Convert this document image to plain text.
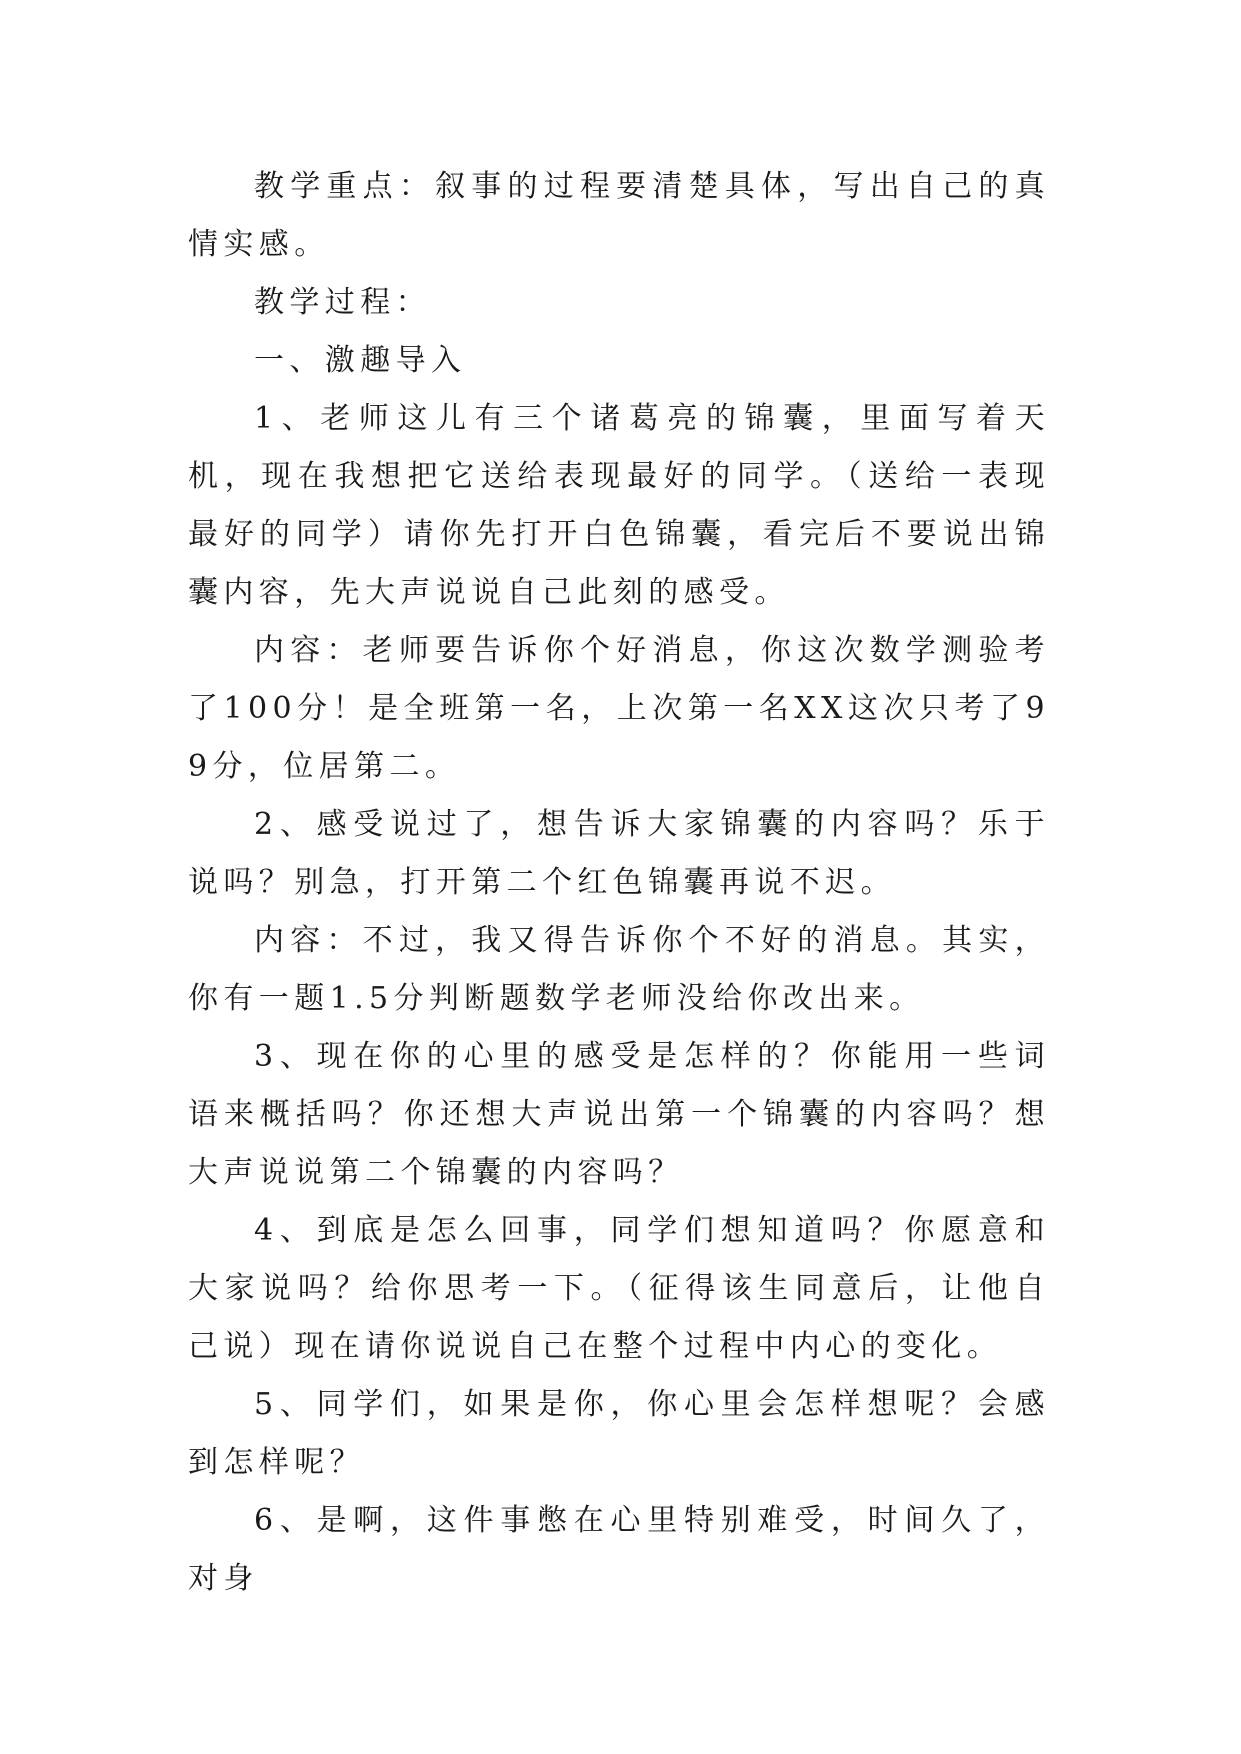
教学重点：叙事的过程要清楚具体，写出自己的真情实感。

教学过程：

一、激趣导入

1、老师这儿有三个诸葛亮的锦囊，里面写着天机，现在我想把它送给表现最好的同学。（送给一表现最好的同学）请你先打开白色锦囊，看完后不要说出锦囊内容，先大声说说自己此刻的感受。

内容：老师要告诉你个好消息，你这次数学测验考了100分！是全班第一名，上次第一名XX这次只考了99分，位居第二。

2、感受说过了，想告诉大家锦囊的内容吗？乐于说吗？别急，打开第二个红色锦囊再说不迟。

内容：不过，我又得告诉你个不好的消息。其实，你有一题1.5分判断题数学老师没给你改出来。

3、现在你的心里的感受是怎样的？你能用一些词语来概括吗？你还想大声说出第一个锦囊的内容吗？想大声说说第二个锦囊的内容吗？

4、到底是怎么回事，同学们想知道吗？你愿意和大家说吗？给你思考一下。（征得该生同意后，让他自己说）现在请你说说自己在整个过程中内心的变化。

5、同学们，如果是你，你心里会怎样想呢？会感到怎样呢？

6、是啊，这件事憋在心里特别难受，时间久了，对身
